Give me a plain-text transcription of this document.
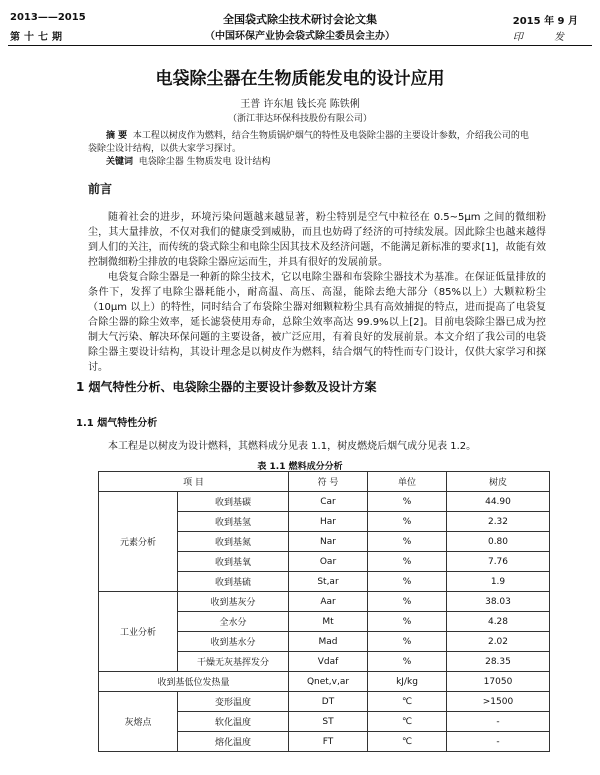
2013——2015
第十七期
全国袋式除尘技术研讨会论文集
（中国环保产业协会袋式除尘委员会主办）
2015 年 9 月
印 发
电袋除尘器在生物质能发电的设计应用
王普 许东旭 钱长亮 陈铁俐
（浙江菲达环保科技股份有限公司）
摘 要 本工程以树皮作为燃料，结合生物质锅炉烟气的特性及电袋除尘器的主要设计参数，介绍我公司的电袋除尘设计结构，以供大家学习探讨。
关键词 电袋除尘器 生物质发电 设计结构
前言
随着社会的进步，环境污染问题越来越显著，粉尘特别是空气中粒径在 0.5~5μm 之间的微细粉尘，其大量排放，不仅对我们的健康受到威胁，而且也妨碍了经济的可持续发展。因此除尘也越来越得到人们的关注，而传统的袋式除尘和电除尘因其技术及经济问题，不能满足新标准的要求[1]，故能有效控制微细粉尘排放的电袋除尘器应运而生，并具有很好的发展前景。
电袋复合除尘器是一种新的除尘技术，它以电除尘器和布袋除尘器技术为基准。在保证低量排放的条件下，发挥了电除尘器耗能小，耐高温、高压、高湿，能除去绝大部分（85%以上）大颗粒粉尘（10μm 以上）的特性，同时结合了布袋除尘器对细颗粒粉尘具有高效捕捉的特点，进而提高了电袋复合除尘器的除尘效率，延长滤袋使用寿命，总除尘效率高达 99.9%以上[2]。目前电袋除尘器已成为控制大气污染、解决环保问题的主要设备，被广泛应用，有着良好的发展前景。本文介绍了我公司的电袋除尘器主要设计结构，其设计理念是以树皮作为燃料，结合烟气的特性而专门设计，仅供大家学习和探讨。
1 烟气特性分析、电袋除尘器的主要设计参数及设计方案
1.1 烟气特性分析
本工程是以树皮为设计燃料，其燃料成分见表 1.1，树皮燃烧后烟气成分见表 1.2。
表 1.1 燃料成分分析
项 目		符 号	单位	树皮
元素分析	收到基碳	Car	%	44.90
	收到基氢	Har	%	2.32
	收到基氮	Nar	%	0.80
	收到基氧	Oar	%	7.76
	收到基硫	St,ar	%	1.9
工业分析	收到基灰分	Aar	%	38.03
	全水分	Mt	%	4.28
	收到基水分	Mad	%	2.02
	干燥无灰基挥发分	Vdaf	%	28.35
收到基低位发热量		Qnet,v,ar	kJ/kg	17050
灰熔点	变形温度	DT	℃	>1500
	软化温度	ST	℃	-
	熔化温度	FT	℃	-
